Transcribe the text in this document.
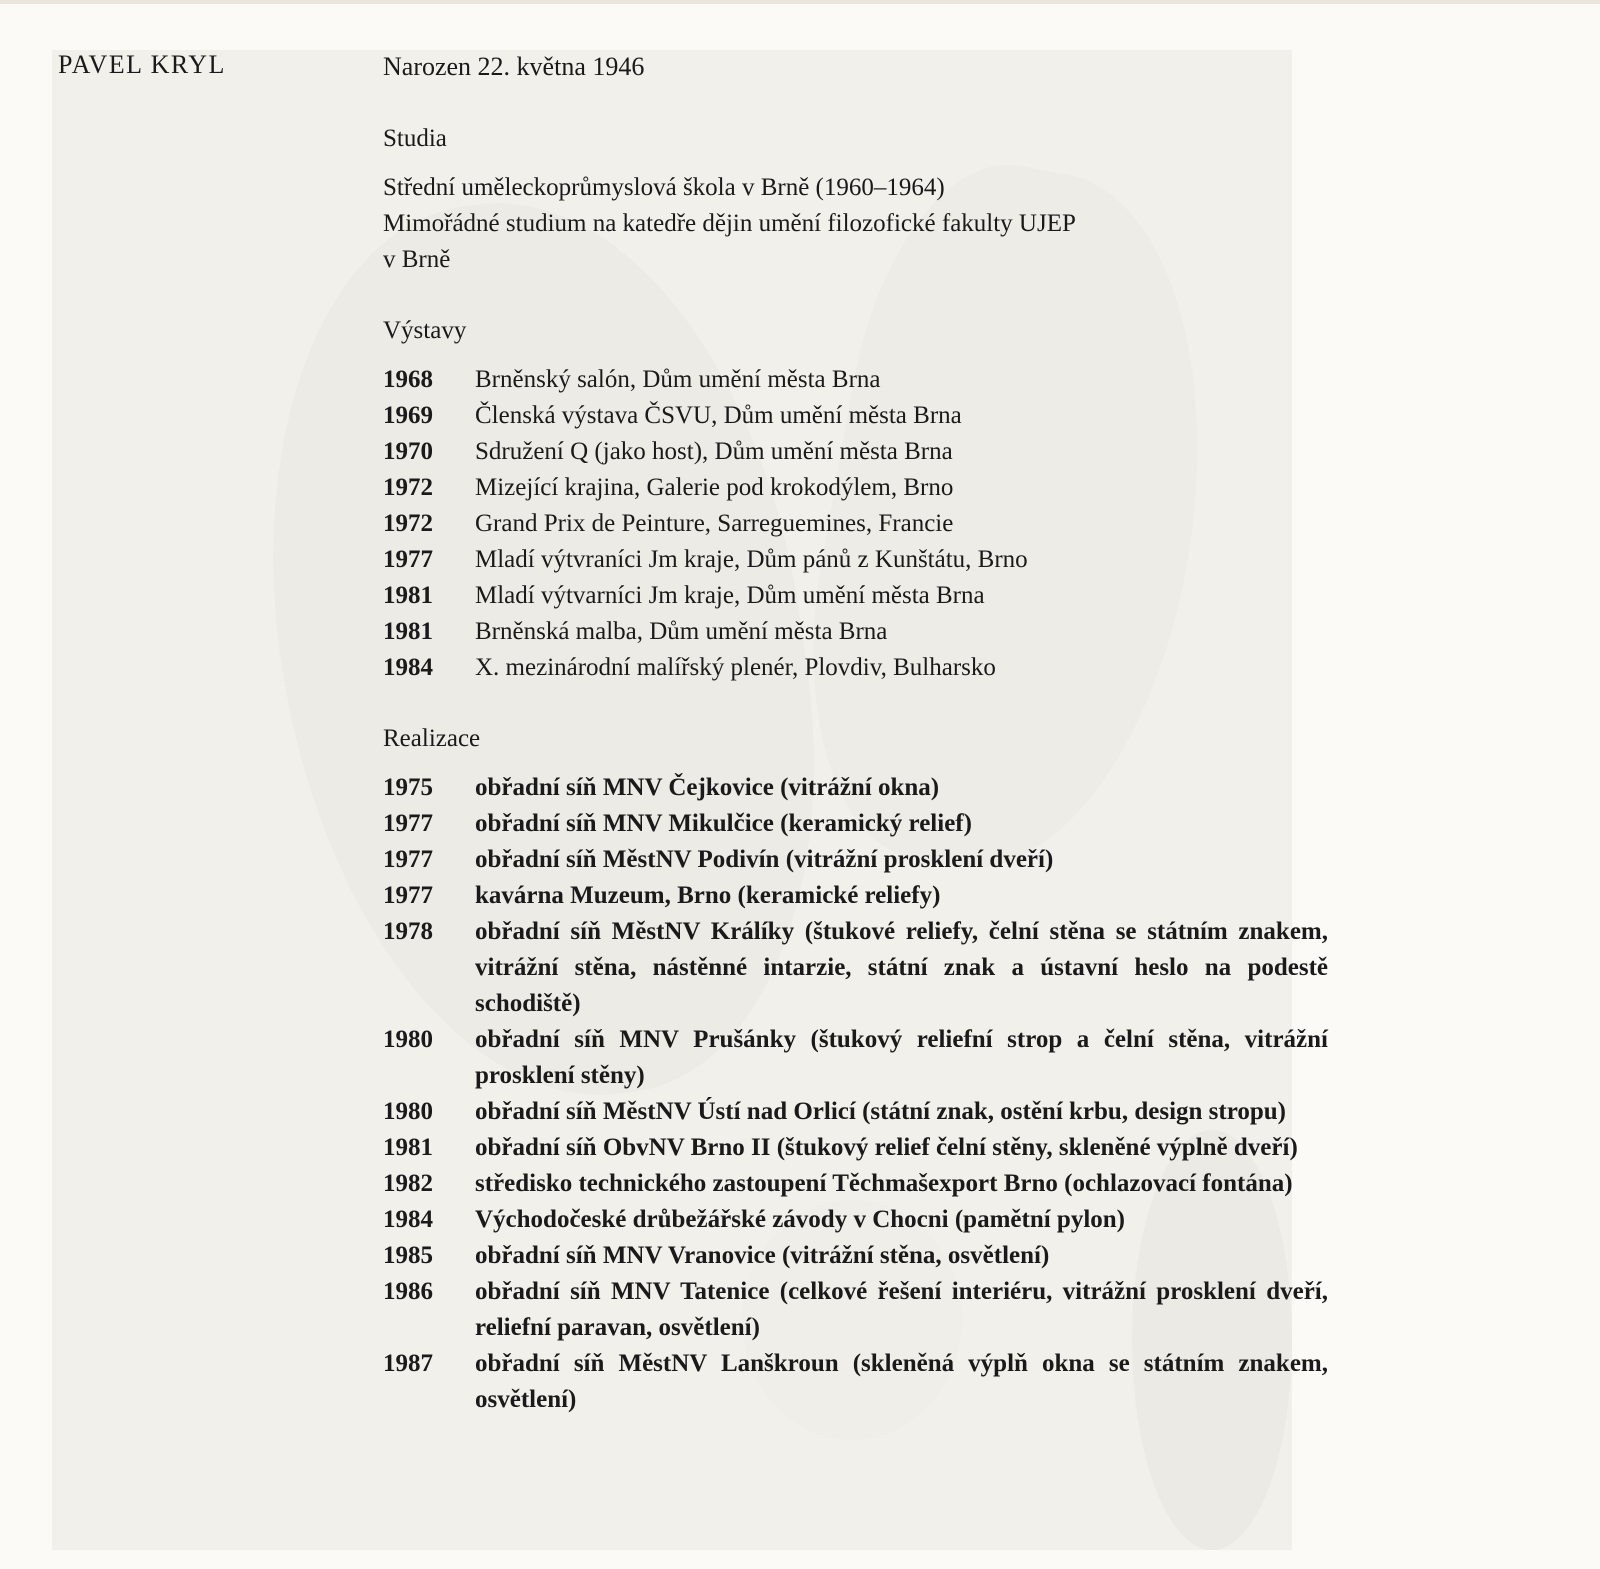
PAVEL KRYL	Narozen 22. května 1946

Studia

Střední uměleckoprůmyslová škola v Brně (1960–1964)
Mimořádné studium na katedře dějin umění filozofické fakulty UJEP
v Brně

Výstavy

1968	Brněnský salón, Dům umění města Brna
1969	Členská výstava ČSVU, Dům umění města Brna
1970	Sdružení Q (jako host), Dům umění města Brna
1972	Mizející krajina, Galerie pod krokodýlem, Brno
1972	Grand Prix de Peinture, Sarreguemines, Francie
1977	Mladí výtvraníci Jm kraje, Dům pánů z Kunštátu, Brno
1981	Mladí výtvarníci Jm kraje, Dům umění města Brna
1981	Brněnská malba, Dům umění města Brna
1984	X. mezinárodní malířský plenér, Plovdiv, Bulharsko

Realizace

1975	obřadní síň MNV Čejkovice (vitrážní okna)
1977	obřadní síň MNV Mikulčice (keramický relief)
1977	obřadní síň MěstNV Podivín (vitrážní prosklení dveří)
1977	kavárna Muzeum, Brno (keramické reliefy)
1978	obřadní síň MěstNV Králíky (štukové reliefy, čelní stěna se státním znakem, vitrážní stěna, nástěnné intarzie, státní znak a ústavní heslo na podestě schodiště)
1980	obřadní síň MNV Prušánky (štukový reliefní strop a čelní stěna, vitrážní prosklení stěny)
1980	obřadní síň MěstNV Ústí nad Orlicí (státní znak, ostění krbu, design stropu)
1981	obřadní síň ObvNV Brno II (štukový relief čelní stěny, skleněné výplně dveří)
1982	středisko technického zastoupení Těchmašexport Brno (ochlazovací fontána)
1984	Východočeské drůbežářské závody v Chocni (pamětní pylon)
1985	obřadní síň MNV Vranovice (vitrážní stěna, osvětlení)
1986	obřadní síň MNV Tatenice (celkové řešení interiéru, vitrážní prosklení dveří, reliefní paravan, osvětlení)
1987	obřadní síň MěstNV Lanškroun (skleněná výplň okna se státním znakem, osvětlení)
